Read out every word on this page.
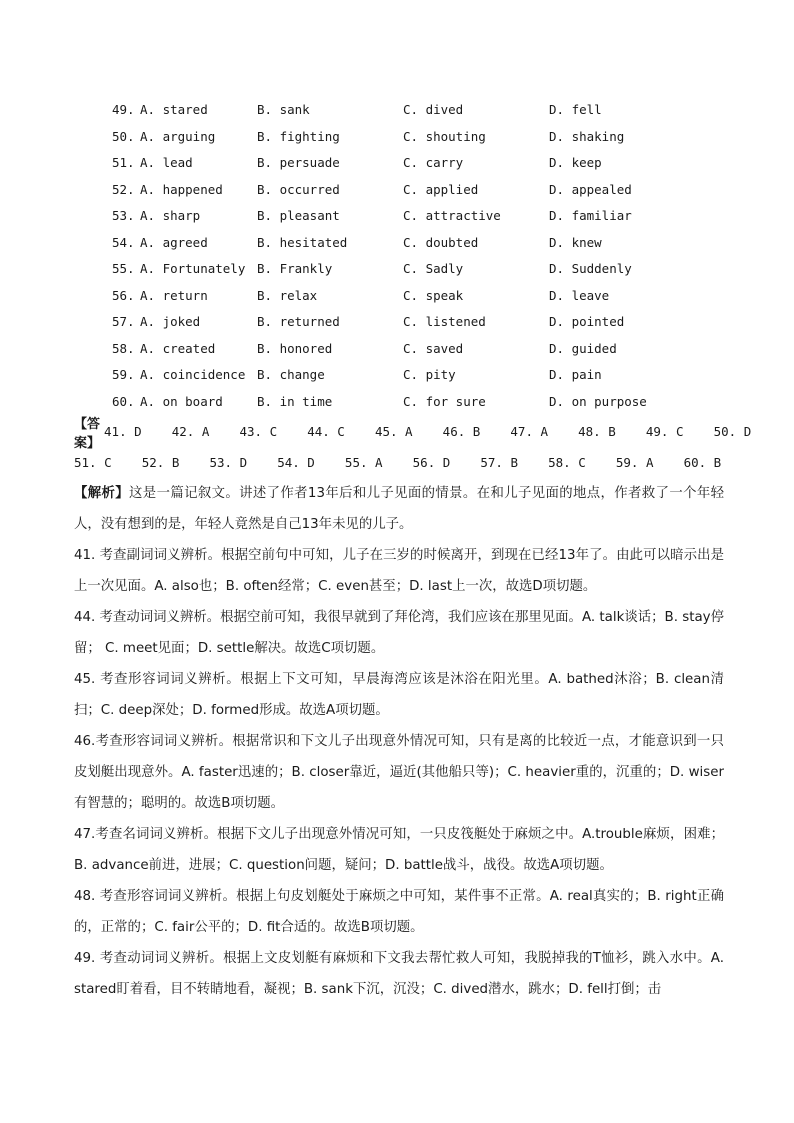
49. A. stared	B. sank	C. dived	D. fell
50. A. arguing	B. fighting	C. shouting	D. shaking
51. A. lead	B. persuade	C. carry	D. keep
52. A. happened	B. occurred	C. applied	D. appealed
53. A. sharp	B. pleasant	C. attractive	D. familiar
54. A. agreed	B. hesitated	C. doubted	D. knew
55. A. Fortunately B. Frankly	C. Sadly	D. Suddenly
56. A. return	B. relax	C. speak	D. leave
57. A. joked	B. returned	C. listened	D. pointed
58. A. created	B. honored	C. saved	D. guided
59. A. coincidence B. change	C. pity	D. pain
60. A. on board	B. in time	C. for sure	D. on purpose
【答案】
41. D    42. A    43. C    44. C    45. A    46. B    47. A    48. B    49. C    50. D
51. C    52. B    53. D    54. D    55. A    56. D    57. B    58. C    59. A    60. B

【解析】这是一篇记叙文。讲述了作者13年后和儿子见面的情景。在和儿子见面的地点，作者救了一个年轻人，没有想到的是，年轻人竟然是自己13年未见的儿子。

41. 考查副词词义辨析。根据空前句中可知，儿子在三岁的时候离开，到现在已经13年了。由此可以暗示出是上一次见面。A. also也；B. often经常；C. even甚至；D. last上一次，故选D项切题。

44. 考查动词词义辨析。根据空前可知，我很早就到了拜伦湾，我们应该在那里见面。A. talk谈话；B. stay停留； C. meet见面；D. settle解决。故选C项切题。

45. 考查形容词词义辨析。根据上下文可知，早晨海湾应该是沐浴在阳光里。A. bathed沐浴；B. clean清扫；C. deep深处；D. formed形成。故选A项切题。

46.考查形容词词义辨析。根据常识和下文儿子出现意外情况可知，只有是离的比较近一点，才能意识到一只皮划艇出现意外。A. faster迅速的；B. closer靠近，逼近(其他船只等)；C. heavier重的，沉重的；D. wiser有智慧的；聪明的。故选B项切题。

47.考查名词词义辨析。根据下文儿子出现意外情况可知，一只皮筏艇处于麻烦之中。A.trouble麻烦，困难；B. advance前进，进展；C. question问题，疑问；D. battle战斗，战役。故选A项切题。

48. 考查形容词词义辨析。根据上句皮划艇处于麻烦之中可知，某件事不正常。A. real真实的；B. right正确的，正常的；C. fair公平的；D. fit合适的。故选B项切题。

49. 考查动词词义辨析。根据上文皮划艇有麻烦和下文我去帮忙救人可知，我脱掉我的T恤衫，跳入水中。A. stared盯着看，目不转睛地看，凝视；B. sank下沉，沉没；C. dived潜水，跳水；D. fell打倒；击
